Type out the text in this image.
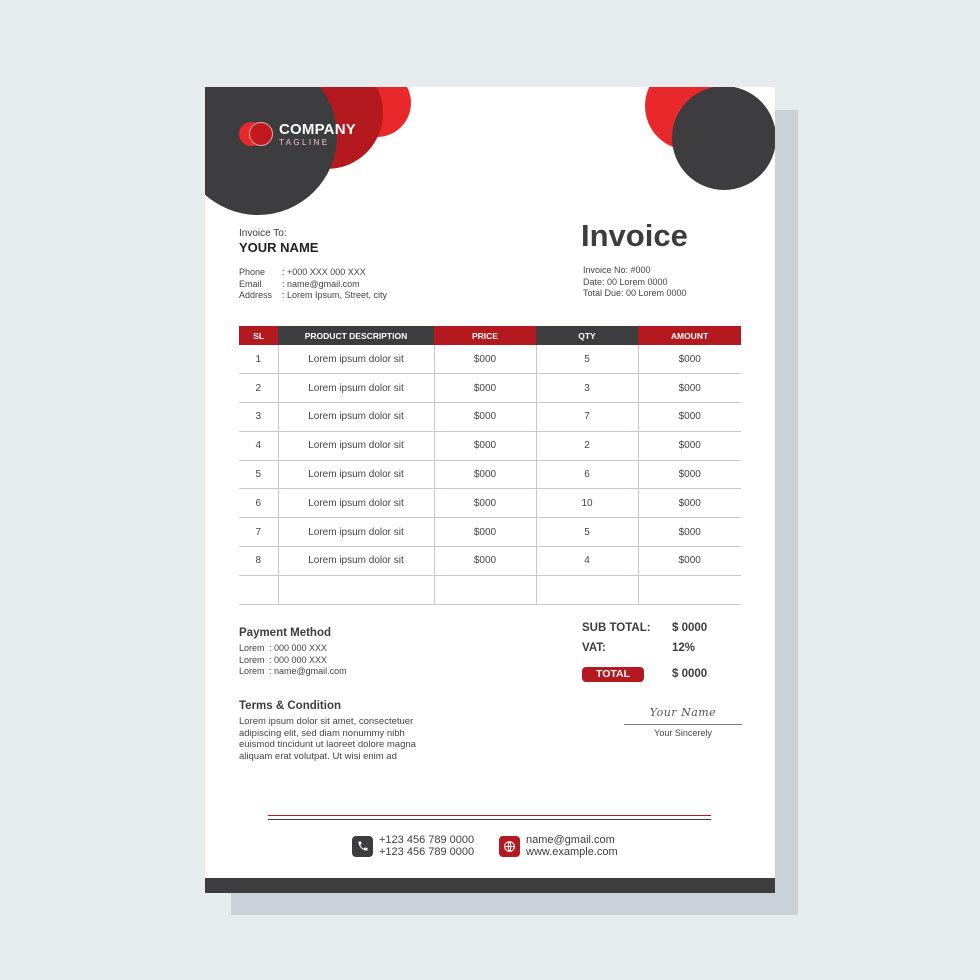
COMPANY
TAGLINE
Invoice To:
YOUR NAME
Phone	: +000 XXX 000 XXX
Email	: name@gmail.com
Address	: Lorem Ipsum, Street, city
Invoice
Invoice No: #000
Date: 00 Lorem 0000
Total Due: 00 Lorem 0000
SL	PRODUCT DESCRIPTION	PRICE	QTY	AMOUNT
1	Lorem ipsum dolor sit	$000	5	$000
2	Lorem ipsum dolor sit	$000	3	$000
3	Lorem ipsum dolor sit	$000	7	$000
4	Lorem ipsum dolor sit	$000	2	$000
5	Lorem ipsum dolor sit	$000	6	$000
6	Lorem ipsum dolor sit	$000	10	$000
7	Lorem ipsum dolor sit	$000	5	$000
8	Lorem ipsum dolor sit	$000	4	$000

SUB TOTAL:	$ 0000
VAT:	12%
TOTAL	$ 0000
Payment Method
Lorem : 000 000 XXX
Lorem : 000 000 XXX
Lorem : name@gmail.com
Terms & Condition
Lorem ipsum dolor sit amet, consectetuer adipiscing elit, sed diam nonummy nibh euismod tincidunt ut laoreet dolore magna aliquam erat volutpat. Ut wisi enim ad
Your Name
Your Sincerely
+123 456 789 0000
+123 456 789 0000
name@gmail.com
www.example.com
